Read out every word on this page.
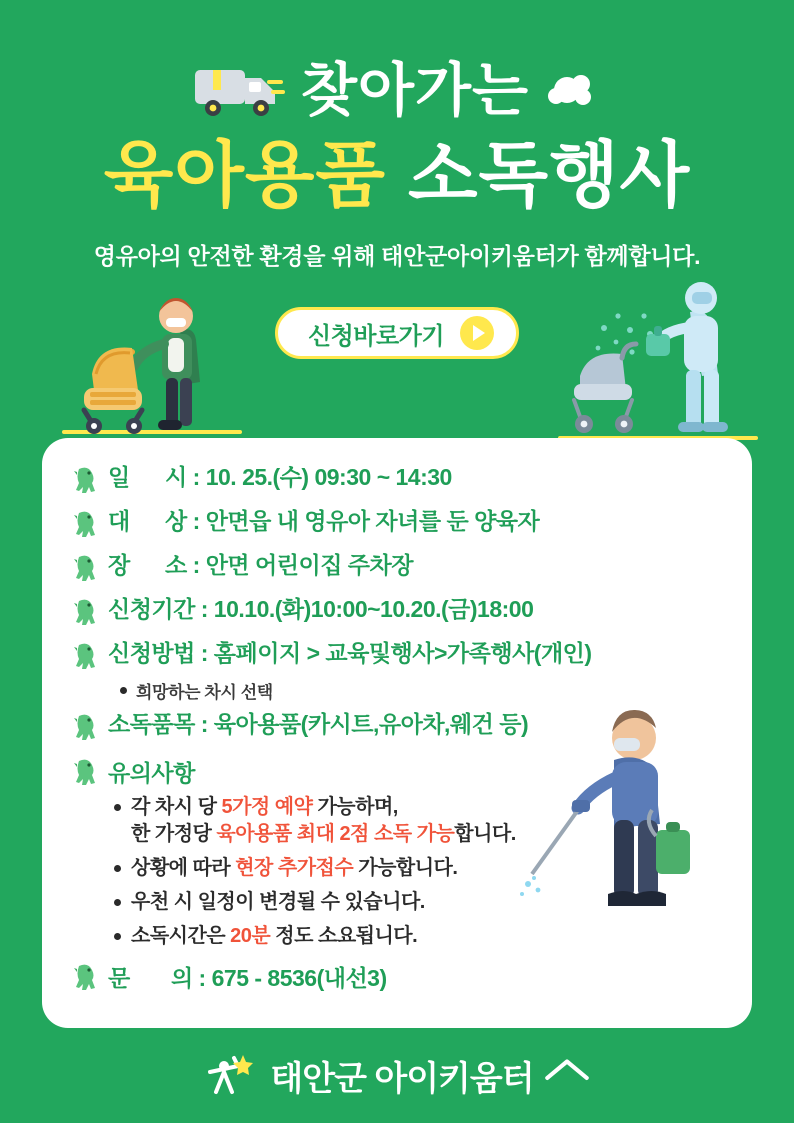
찾아가는
육아용품 소독행사
영유아의 안전한 환경을 위해 태안군아이키움터가 함께합니다.
신청바로가기
일      시 : 10. 25.(수) 09:30 ~ 14:30
대      상 : 안면읍 내 영유아 자녀를 둔 양육자
장      소 : 안면 어린이집 주차장
신청기간 : 10.10.(화)10:00~10.20.(금)18:00
신청방법 : 홈페이지 > 교육및행사>가족행사(개인)
희망하는 차시 선택
소독품목 : 육아용품(카시트,유아차,웨건 등)
유의사항
각 차시 당 5가정 예약 가능하며,
한 가정당 육아용품 최대 2점 소독 가능합니다.
상황에 따라 현장 추가접수 가능합니다.
우천 시 일정이 변경될 수 있습니다.
소독시간은 20분 정도 소요됩니다.
문       의 : 675 - 8536(내선3)
태안군 아이키움터
